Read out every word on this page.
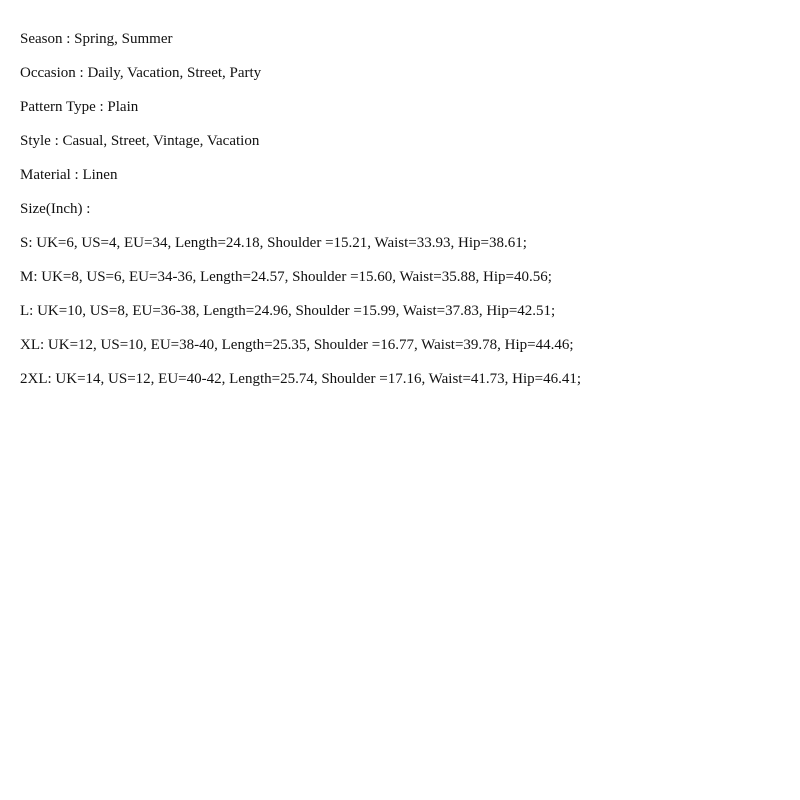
Season : Spring, Summer
Occasion : Daily, Vacation, Street, Party
Pattern Type : Plain
Style : Casual, Street, Vintage, Vacation
Material : Linen
Size(Inch) :
S: UK=6, US=4, EU=34, Length=24.18, Shoulder =15.21, Waist=33.93, Hip=38.61;
M: UK=8, US=6, EU=34-36, Length=24.57, Shoulder =15.60, Waist=35.88, Hip=40.56;
L: UK=10, US=8, EU=36-38, Length=24.96, Shoulder =15.99, Waist=37.83, Hip=42.51;
XL: UK=12, US=10, EU=38-40, Length=25.35, Shoulder =16.77, Waist=39.78, Hip=44.46;
2XL: UK=14, US=12, EU=40-42, Length=25.74, Shoulder =17.16, Waist=41.73, Hip=46.41;
